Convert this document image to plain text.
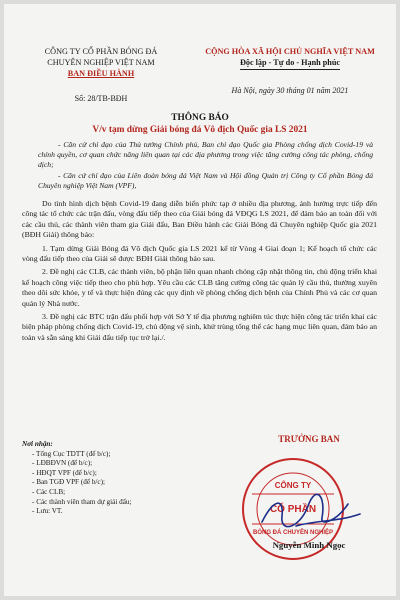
CÔNG TY CỔ PHẦN BÓNG ĐÁ
CHUYÊN NGHIỆP VIỆT NAM
BAN ĐIỀU HÀNH
Số: 28/TB-BĐH
CỘNG HÒA XÃ HỘI CHỦ NGHĨA VIỆT NAM
Độc lập - Tự do - Hạnh phúc
Hà Nội, ngày 30 tháng 01 năm 2021
THÔNG BÁO
V/v tạm dừng Giải bóng đá Vô địch Quốc gia LS 2021

- Căn cứ chỉ đạo của Thủ tướng Chính phủ, Ban chỉ đạo Quốc gia Phòng chống dịch Covid-19 và chính quyền, cơ quan chức năng liên quan tại các địa phương trong việc tăng cường công tác phòng, chống dịch;

- Căn cứ chỉ đạo của Liên đoàn bóng đá Việt Nam và Hội đồng Quản trị Công ty Cổ phần Bóng đá Chuyên nghiệp Việt Nam (VPF),

Do tình hình dịch bệnh Covid-19 đang diễn biến phức tạp ở nhiều địa phương, ảnh hưởng trực tiếp đến công tác tổ chức các trận đấu, vòng đấu tiếp theo của Giải bóng đá VĐQG LS 2021, để đảm bảo an toàn đối với các cầu thủ, các thành viên tham gia Giải đấu, Ban Điều hành các Giải Bóng đá Chuyên nghiệp Quốc gia 2021 (BĐH Giải) thông báo:

1. Tạm dừng Giải Bóng đá Vô địch Quốc gia LS 2021 kể từ Vòng 4 Giai đoạn 1; Kế hoạch tổ chức các vòng đấu tiếp theo của Giải sẽ được BĐH Giải thông báo sau.

2. Đề nghị các CLB, các thành viên, bộ phận liên quan nhanh chóng cập nhật thông tin, chủ động triển khai kế hoạch công việc tiếp theo cho phù hợp. Yêu cầu các CLB tăng cường công tác quản lý cầu thủ, thường xuyên theo dõi sức khỏe, y tế và thực hiện đúng các quy định về phòng chống dịch bệnh của Chính Phủ và các cơ quan quản lý Nhà nước.

3. Đề nghị các BTC trận đấu phối hợp với Sở Y tế địa phương nghiêm túc thực hiện công tác triển khai các biện pháp phòng chống dịch Covid-19, chủ động vệ sinh, khử trùng tổng thể các hạng mục liên quan, đảm bảo an toàn và sẵn sàng khi Giải đấu tiếp tục trở lại./.

Nơi nhận:
- Tổng Cục TDTT (để b/c);
- LĐBĐVN (để b/c);
- HĐQT VPF (để b/c);
- Ban TGĐ VPF (để b/c);
- Các CLB;
- Các thành viên tham dự giải đấu;
- Lưu: VT.
TRƯỞNG BAN
CÔNG TY
CỔ PHẦN
BÓNG ĐÁ CHUYÊN NGHIỆP
Nguyễn Minh Ngọc
